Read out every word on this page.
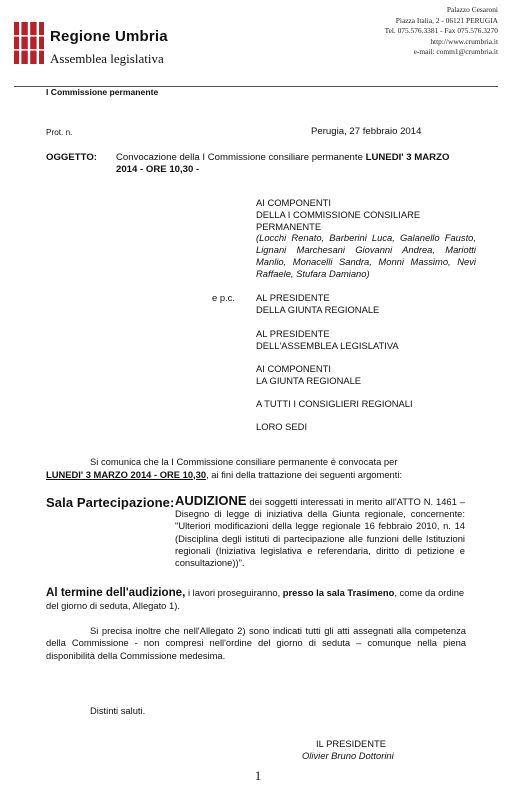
Regione Umbria
Assemblea legislativa
Palazzo Cesaroni
Piazza Italia, 2 - 06121 PERUGIA
Tel. 075.576.3381 - Fax 075.576.3270
http://www.crumbria.it
e-mail: comm1@crumbria.it
I Commissione permanente
Prot. n.	Perugia, 27 febbraio 2014
OGGETTO: Convocazione della I Commissione consiliare permanente LUNEDI' 3 MARZO 2014 - ORE 10,30 -
AI COMPONENTI
DELLA I COMMISSIONE CONSILIARE PERMANENTE
(Locchi Renato, Barberini Luca, Galanello Fausto, Lignani Marchesani Giovanni Andrea, Mariotti Manlio, Monacelli Sandra, Monni Massimo, Nevi Raffaele, Stufara Damiano)
e p.c. AL PRESIDENTE
DELLA GIUNTA REGIONALE
AL PRESIDENTE
DELL'ASSEMBLEA LEGISLATIVA
AI COMPONENTI
LA GIUNTA REGIONALE
A TUTTI I CONSIGLIERI REGIONALI
LORO SEDI
Si comunica che la I Commissione consiliare permanente è convocata per
LUNEDI' 3 MARZO 2014 - ORE 10,30, ai fini della trattazione dei seguenti argomenti:
Sala Partecipazione: AUDIZIONE dei soggetti interessati in merito all'ATTO N. 1461 – Disegno di legge di iniziativa della Giunta regionale, concernente: "Ulteriori modificazioni della legge regionale 16 febbraio 2010, n. 14 (Disciplina degli istituti di partecipazione alle funzioni delle Istituzioni regionali (Iniziativa legislativa e referendaria, diritto di petizione e consultazione))".
Al termine dell'audizione, i lavori proseguiranno, presso la sala Trasimeno, come da ordine del giorno di seduta, Allegato 1).
Si precisa inoltre che nell'Allegato 2) sono indicati tutti gli atti assegnati alla competenza della Commissione - non compresi nell'ordine del giorno di seduta – comunque nella piena disponibilità della Commissione medesima.
Distinti saluti.
IL PRESIDENTE
Olivier Bruno Dottorini
1
